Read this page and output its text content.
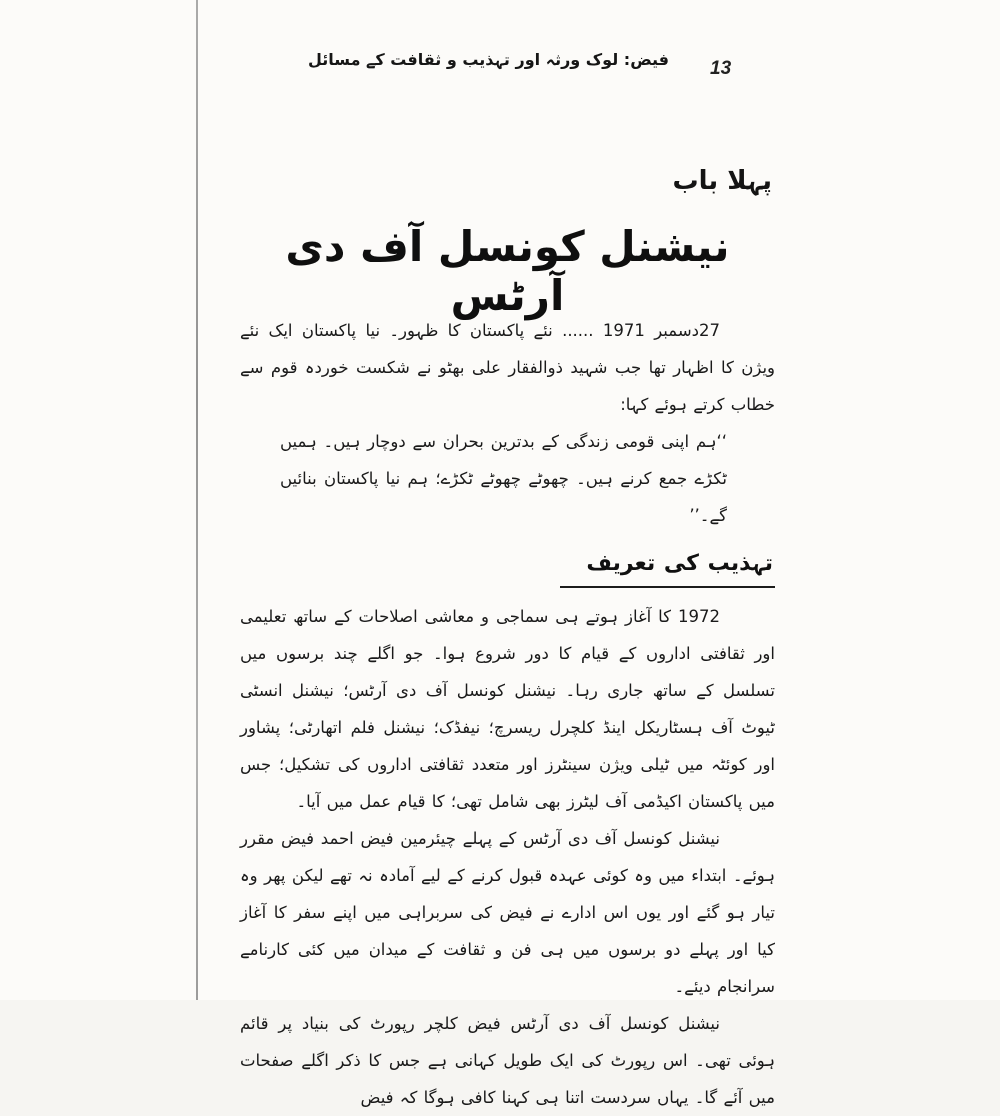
فیض: لوک ورثہ اور تہذیب و ثقافت کے مسائل 13
پہلا باب
نیشنل کونسل آف دی آرٹس

27دسمبر 1971 ...... نئے پاکستان کا ظہور۔ نیا پاکستان ایک نئے ویژن کا اظہار تھا جب شہید ذوالفقار علی بھٹو نے شکست خوردہ قوم سے خطاب کرتے ہوئے کہا:

‘‘ہم اپنی قومی زندگی کے بدترین بحران سے دوچار ہیں۔ ہمیں ٹکڑے جمع کرنے ہیں۔ چھوٹے چھوٹے ٹکڑے؛ ہم نیا پاکستان بنائیں گے۔’’

تہذیب کی تعریف

1972 کا آغاز ہوتے ہی سماجی و معاشی اصلاحات کے ساتھ تعلیمی اور ثقافتی اداروں کے قیام کا دور شروع ہوا۔ جو اگلے چند برسوں میں تسلسل کے ساتھ جاری رہا۔ نیشنل کونسل آف دی آرٹس؛ نیشنل انسٹی ٹیوٹ آف ہسٹاریکل اینڈ کلچرل ریسرچ؛ نیفڈک؛ نیشنل فلم اتھارٹی؛ پشاور اور کوئٹہ میں ٹیلی ویژن سینٹرز اور متعدد ثقافتی اداروں کی تشکیل؛ جس میں پاکستان اکیڈمی آف لیٹرز بھی شامل تھی؛ کا قیام عمل میں آیا۔

نیشنل کونسل آف دی آرٹس کے پہلے چیئرمین فیض احمد فیض مقرر ہوئے۔ ابتداء میں وہ کوئی عہدہ قبول کرنے کے لیے آمادہ نہ تھے لیکن پھر وہ تیار ہو گئے اور یوں اس ادارے نے فیض کی سربراہی میں اپنے سفر کا آغاز کیا اور پہلے دو برسوں میں ہی فن و ثقافت کے میدان میں کئی کارنامے سرانجام دیئے۔

نیشنل کونسل آف دی آرٹس فیض کلچر رپورٹ کی بنیاد پر قائم ہوئی تھی۔ اس رپورٹ کی ایک طویل کہانی ہے جس کا ذکر اگلے صفحات میں آئے گا۔ یہاں سردست اتنا ہی کہنا کافی ہوگا کہ فیض
